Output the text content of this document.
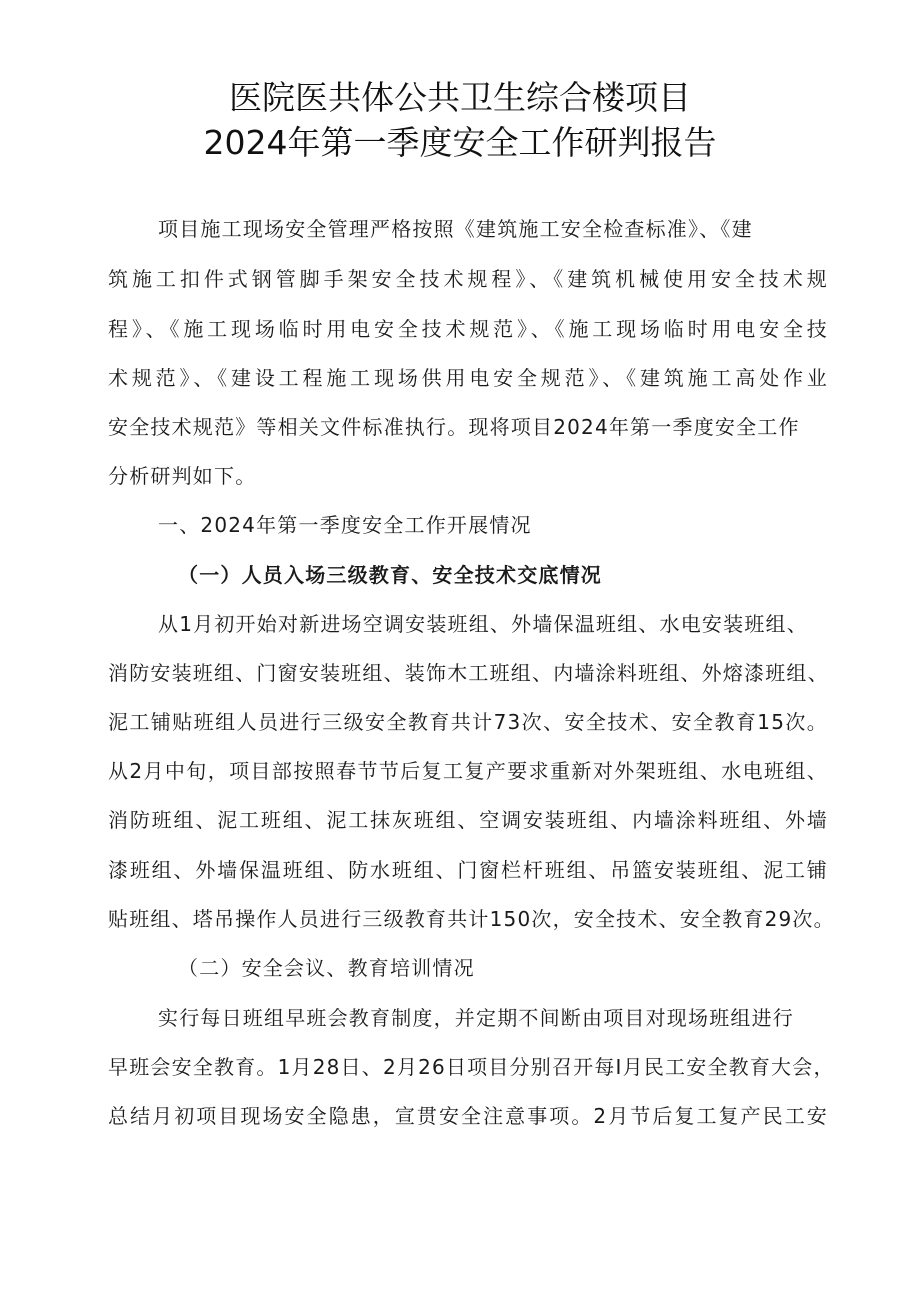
医院医共体公共卫生综合楼项目
2024年第一季度安全工作研判报告

项目施工现场安全管理严格按照《建筑施工安全检查标准》、《建

筑施工扣件式钢管脚手架安全技术规程》、《建筑机械使用安全技术规

程》、《施工现场临时用电安全技术规范》、《施工现场临时用电安全技

术规范》、《建设工程施工现场供用电安全规范》、《建筑施工高处作业

安全技术规范》等相关文件标准执行。现将项目2024年第一季度安全工作

分析研判如下。

一、2024年第一季度安全工作开展情况

（一）人员入场三级教育、安全技术交底情况

从1月初开始对新进场空调安装班组、外墙保温班组、水电安装班组、

消防安装班组、门窗安装班组、装饰木工班组、内墙涂料班组、外熔漆班组、

泥工铺贴班组人员进行三级安全教育共计73次、安全技术、安全教育15次。

从2月中旬，项目部按照春节节后复工复产要求重新对外架班组、水电班组、

消防班组、泥工班组、泥工抹灰班组、空调安装班组、内墙涂料班组、外墙

漆班组、外墙保温班组、防水班组、门窗栏杆班组、吊篮安装班组、泥工铺

贴班组、塔吊操作人员进行三级教育共计150次，安全技术、安全教育29次。

（二）安全会议、教育培训情况

实行每日班组早班会教育制度，并定期不间断由项目对现场班组进行

早班会安全教育。1月28日、2月26日项目分别召开每I月民工安全教育大会，

总结月初项目现场安全隐患，宣贯安全注意事项。2月节后复工复产民工安
